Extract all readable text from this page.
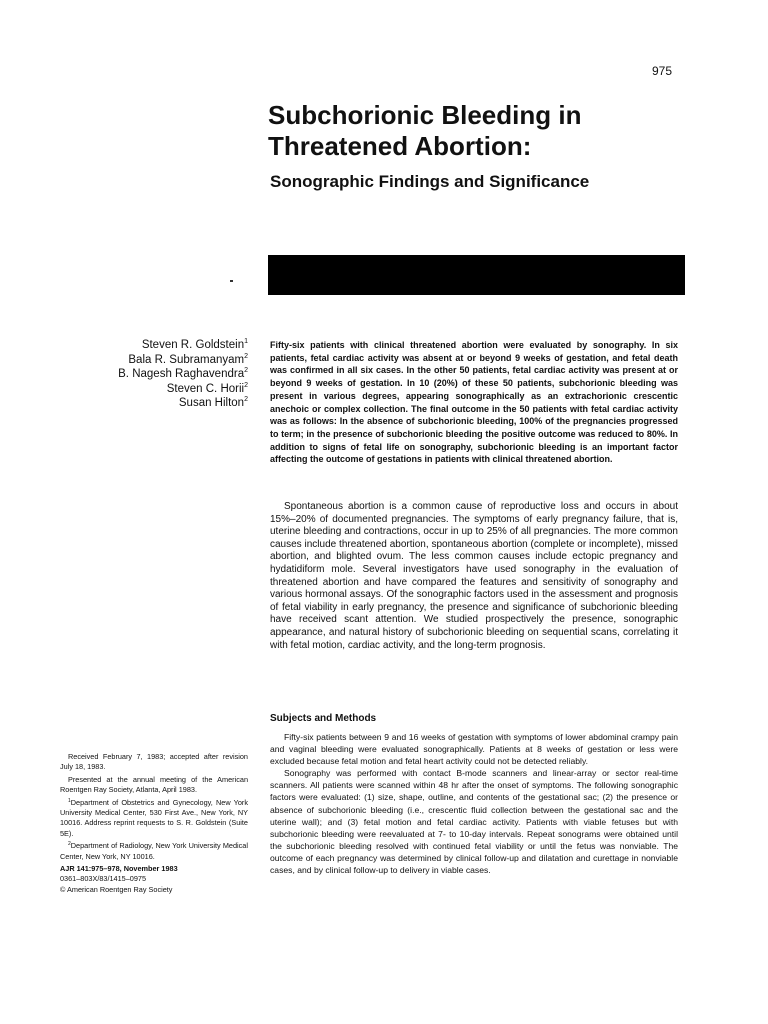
975
Subchorionic Bleeding in Threatened Abortion:
Sonographic Findings and Significance
Steven R. Goldstein$^1$
Bala R. Subramanyam$^2$
B. Nagesh Raghavendra$^2$
Steven C. Horii$^2$
Susan Hilton$^2$
Fifty-six patients with clinical threatened abortion were evaluated by sonography. In six patients, fetal cardiac activity was absent at or beyond 9 weeks of gestation, and fetal death was confirmed in all six cases. In the other 50 patients, fetal cardiac activity was present at or beyond 9 weeks of gestation. In 10 (20%) of these 50 patients, subchorionic bleeding was present in various degrees, appearing sonographically as an extrachorionic crescentic anechoic or complex collection. The final outcome in the 50 patients with fetal cardiac activity was as follows: In the absence of subchorionic bleeding, 100% of the pregnancies progressed to term; in the presence of subchorionic bleeding the positive outcome was reduced to 80%. In addition to signs of fetal life on sonography, subchorionic bleeding is an important factor affecting the outcome of gestations in patients with clinical threatened abortion.
Spontaneous abortion is a common cause of reproductive loss and occurs in about 15%–20% of documented pregnancies. The symptoms of early pregnancy failure, that is, uterine bleeding and contractions, occur in up to 25% of all pregnancies. The more common causes include threatened abortion, spontaneous abortion (complete or incomplete), missed abortion, and blighted ovum. The less common causes include ectopic pregnancy and hydatidiform mole. Several investigators have used sonography in the evaluation of threatened abortion and have compared the features and sensitivity of sonography and various hormonal assays. Of the sonographic factors used in the assessment and prognosis of fetal viability in early pregnancy, the presence and significance of subchorionic bleeding have received scant attention. We studied prospectively the presence, sonographic appearance, and natural history of subchorionic bleeding on sequential scans, correlating it with fetal motion, cardiac activity, and the long-term prognosis.
Subjects and Methods

Fifty-six patients between 9 and 16 weeks of gestation with symptoms of lower abdominal crampy pain and vaginal bleeding were evaluated sonographically. Patients at 8 weeks of gestation or less were excluded because fetal motion and fetal heart activity could not be detected reliably.

Sonography was performed with contact B-mode scanners and linear-array or sector real-time scanners. All patients were scanned within 48 hr after the onset of symptoms. The following sonographic factors were evaluated: (1) size, shape, outline, and contents of the gestational sac; (2) the presence or absence of subchorionic bleeding (i.e., crescentic fluid collection between the gestational sac and the uterine wall); and (3) fetal motion and fetal cardiac activity. Patients with viable fetuses but with subchorionic bleeding were reevaluated at 7- to 10-day intervals. Repeat sonograms were obtained until the subchorionic bleeding resolved with continued fetal viability or until the fetus was nonviable. The outcome of each pregnancy was determined by clinical follow-up and dilatation and curettage in nonviable cases, and by clinical follow-up to delivery in viable cases.

Received February 7, 1983; accepted after revision July 18, 1983.

Presented at the annual meeting of the American Roentgen Ray Society, Atlanta, April 1983.

$^1$Department of Obstetrics and Gynecology, New York University Medical Center, 530 First Ave., New York, NY 10016. Address reprint requests to S. R. Goldstein (Suite 5E).

$^2$Department of Radiology, New York University Medical Center, New York, NY 10016.

AJR 141:975–978, November 1983
0361–803X/83/1415–0975
© American Roentgen Ray Society
